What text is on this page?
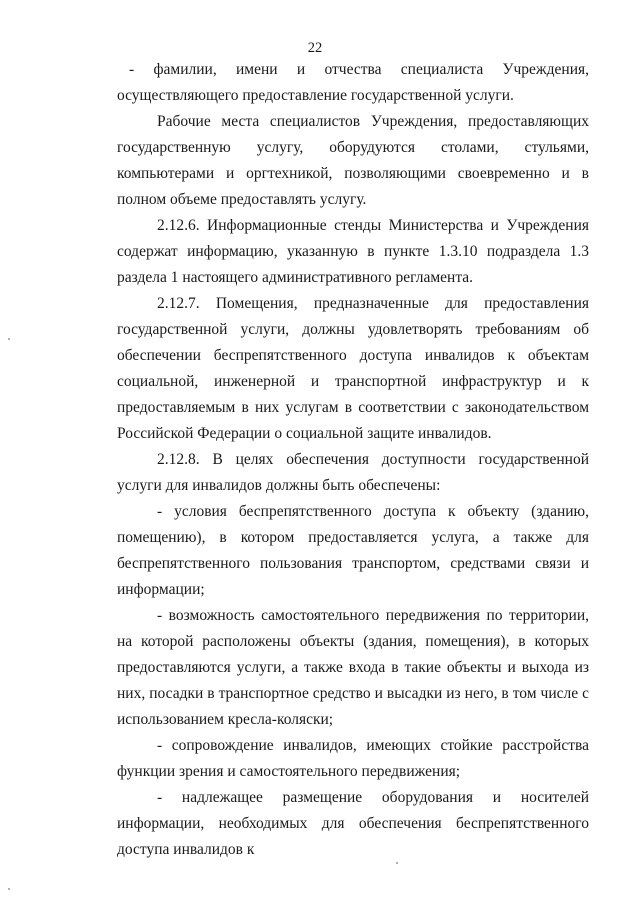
22

- фамилии, имени и отчества специалиста Учреждения, осуществляющего предоставление государственной услуги.

Рабочие места специалистов Учреждения, предоставляющих государственную услугу, оборудуются столами, стульями, компьютерами и оргтехникой, позволяющими своевременно и в полном объеме предоставлять услугу.

2.12.6. Информационные стенды Министерства и Учреждения содержат информацию, указанную в пункте 1.3.10 подраздела 1.3 раздела 1 настоящего административного регламента.

2.12.7. Помещения, предназначенные для предоставления государственной услуги, должны удовлетворять требованиям об обеспечении беспрепятственного доступа инвалидов к объектам социальной, инженерной и транспортной инфраструктур и к предоставляемым в них услугам в соответствии с законодательством Российской Федерации о социальной защите инвалидов.

2.12.8. В целях обеспечения доступности государственной услуги для инвалидов должны быть обеспечены:

- условия беспрепятственного доступа к объекту (зданию, помещению), в котором предоставляется услуга, а также для беспрепятственного пользования транспортом, средствами связи и информации;

- возможность самостоятельного передвижения по территории, на которой расположены объекты (здания, помещения), в которых предоставляются услуги, а также входа в такие объекты и выхода из них, посадки в транспортное средство и высадки из него, в том числе с использованием кресла-коляски;

- сопровождение инвалидов, имеющих стойкие расстройства функции зрения и самостоятельного передвижения;

- надлежащее размещение оборудования и носителей информации, необходимых для обеспечения беспрепятственного доступа инвалидов к
